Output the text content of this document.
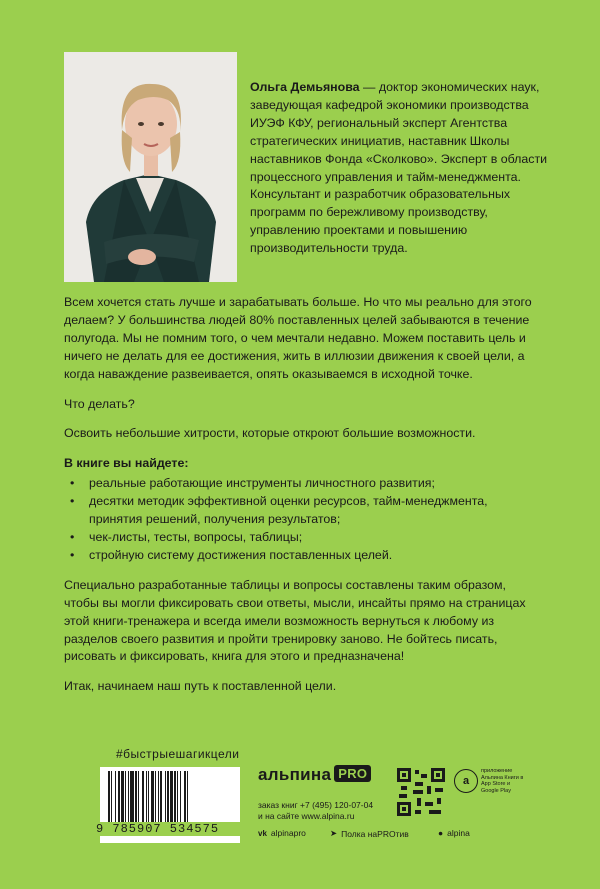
Ольга Демьянова — доктор экономических наук, заведующая кафедрой экономики производства ИУЭФ КФУ, региональный эксперт Агентства стратегических инициатив, наставник Школы наставников Фонда «Сколково». Эксперт в области процессного управления и тайм-менеджмента. Консультант и разработчик образовательных программ по бережливому производству, управлению проектами и повышению производительности труда.

Всем хочется стать лучше и зарабатывать больше. Но что мы реально для этого делаем? У большинства людей 80% поставленных целей забываются в течение полугода. Мы не помним того, о чем мечтали недавно. Можем поставить цель и ничего не делать для ее достижения, жить в иллюзии движения к своей цели, а когда наваждение развеивается, опять оказываемся в исходной точке.

Что делать?

Освоить небольшие хитрости, которые откроют большие возможности.

В книге вы найдете:
• реальные работающие инструменты личностного развития;
• десятки методик эффективной оценки ресурсов, тайм-менеджмента, принятия решений, получения результатов;
• чек-листы, тесты, вопросы, таблицы;
• стройную систему достижения поставленных целей.

Специально разработанные таблицы и вопросы составлены таким образом, чтобы вы могли фиксировать свои ответы, мысли, инсайты прямо на страницах этой книги-тренажера и всегда имели возможность вернуться к любому из разделов своего развития и пройти тренировку заново. Не бойтесь писать, рисовать и фиксировать, книга для этого и предназначена!

Итак, начинаем наш путь к поставленной цели.

#быстрыешагикцели
9 785907 534575
альпина PRO
заказ книг +7 (495) 120-07-04
и на сайте www.alpina.ru
vk alpinapro	➤ Полка наPROтив	● alpina
a
приложение Альпина Книги в App Store и Google Play
